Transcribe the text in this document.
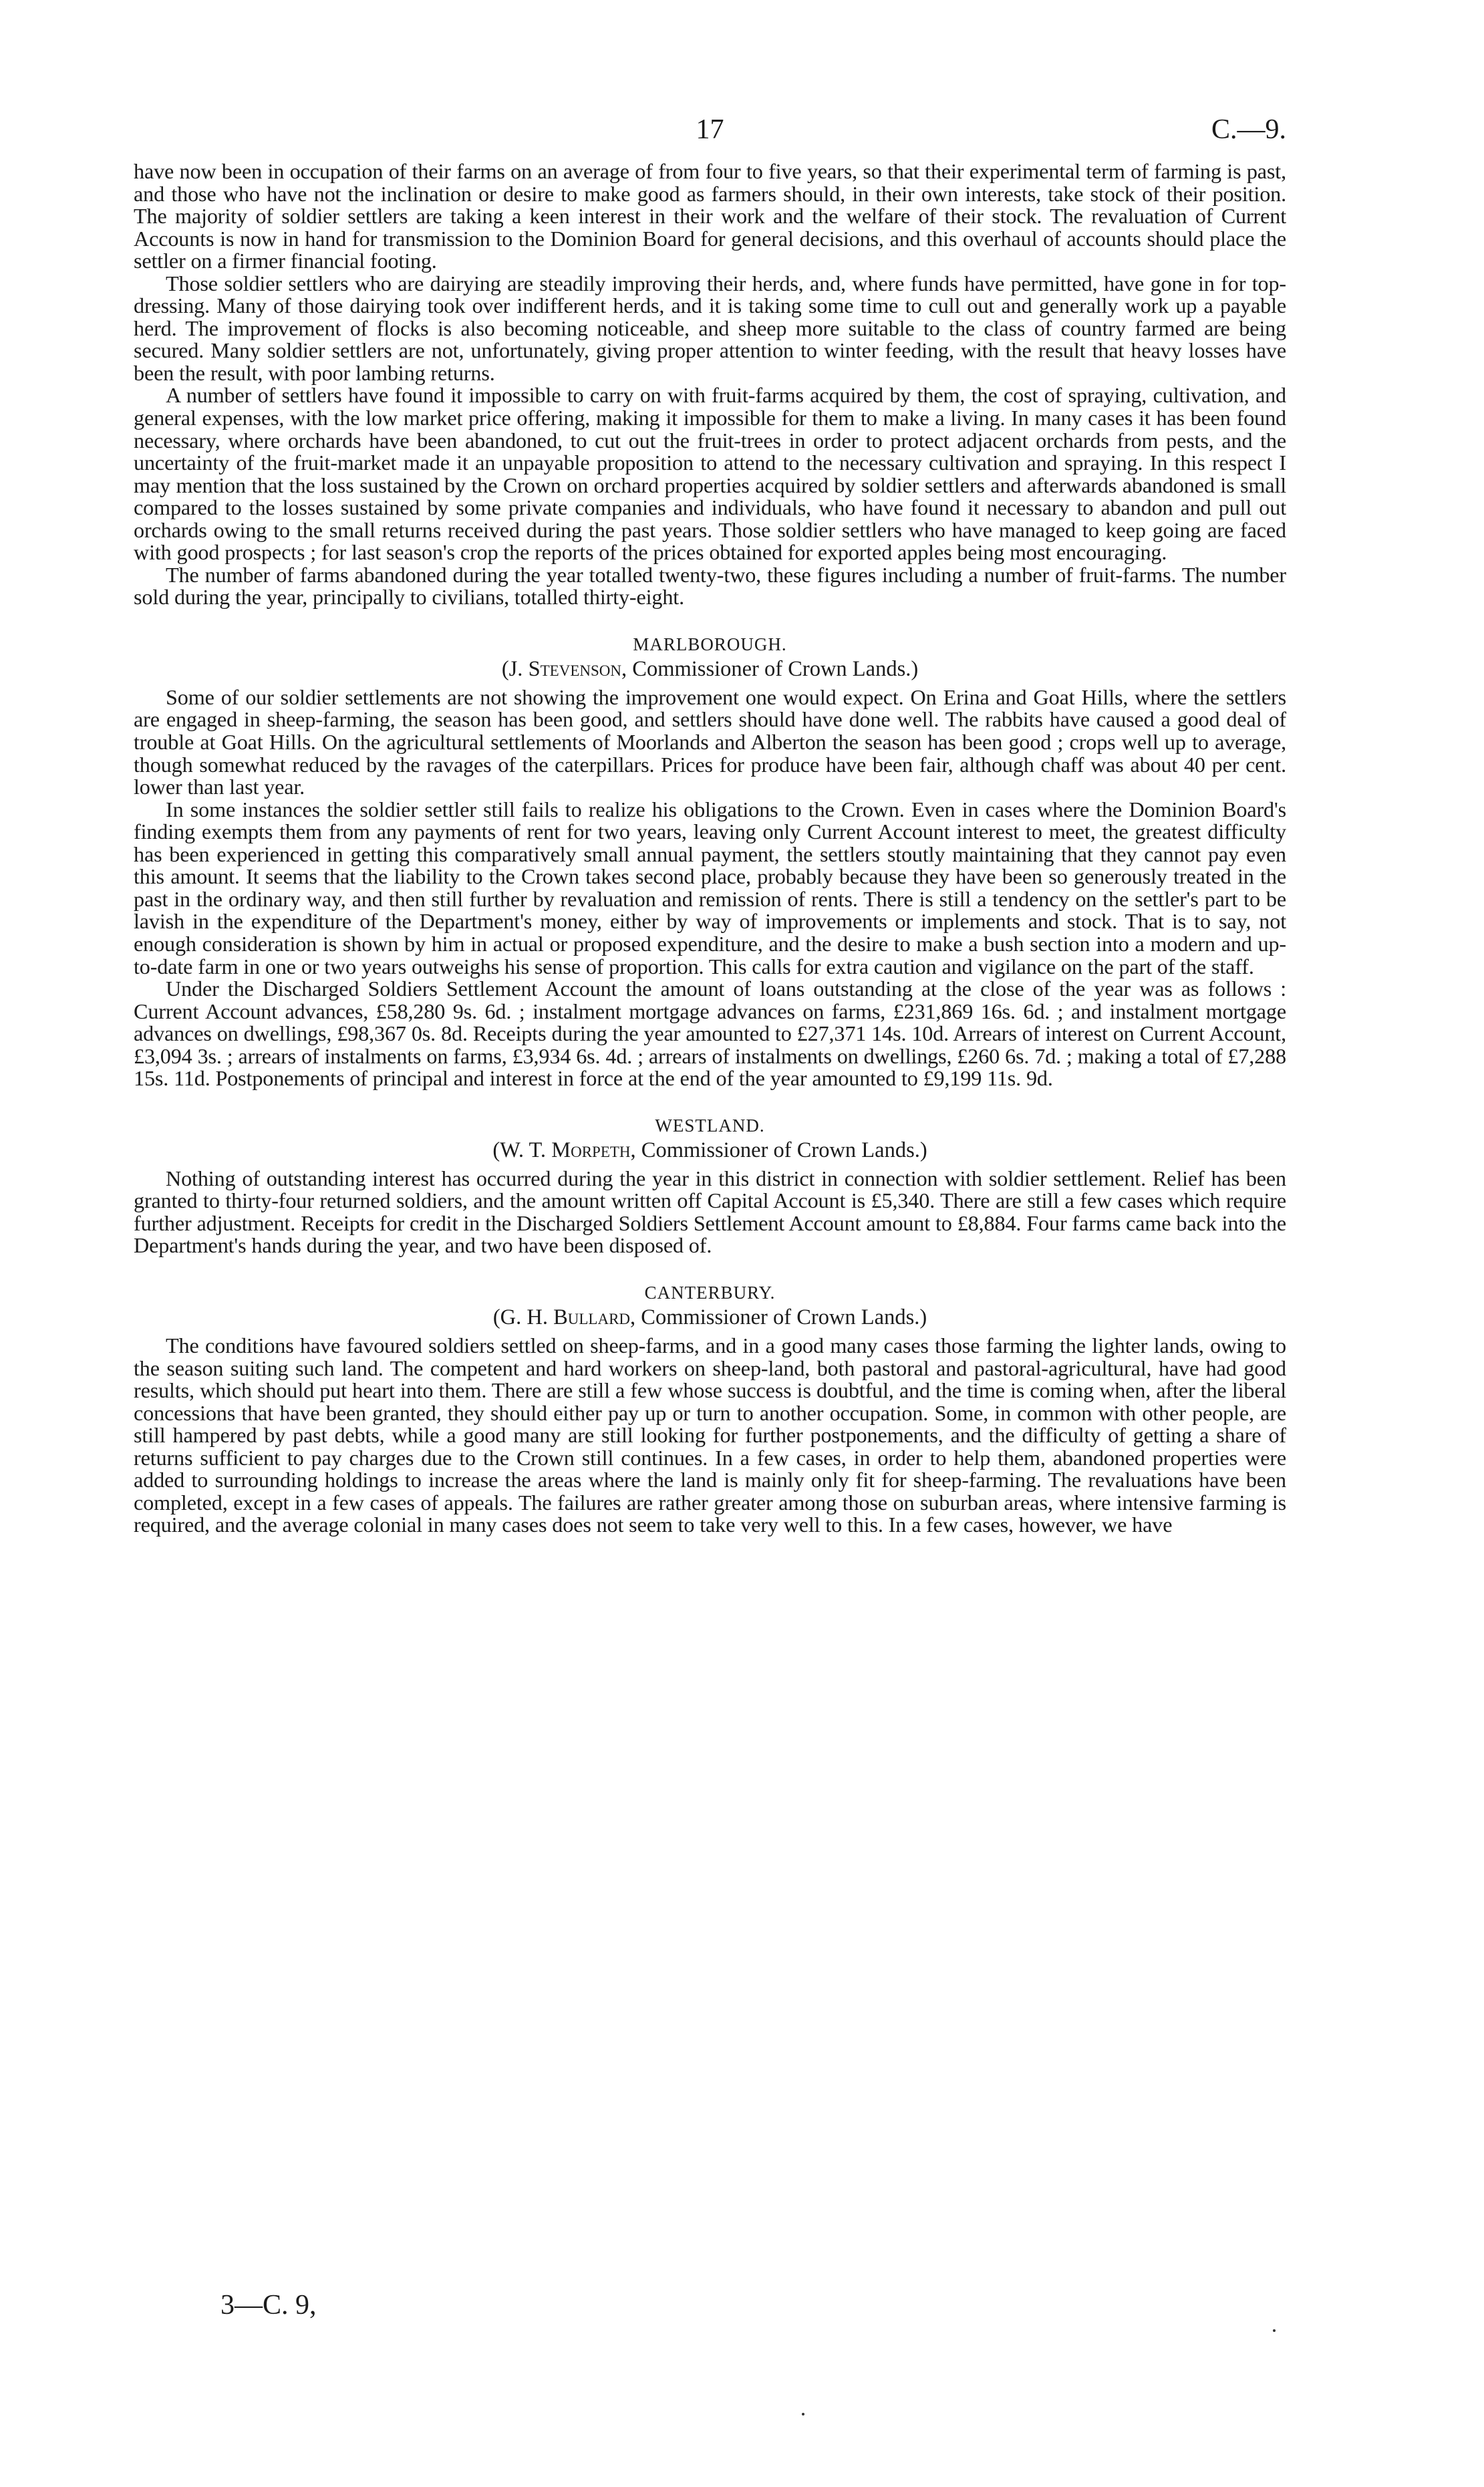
17	C.—9.

have now been in occupation of their farms on an average of from four to five years, so that their experimental term of farming is past, and those who have not the inclination or desire to make good as farmers should, in their own interests, take stock of their position. The majority of soldier settlers are taking a keen interest in their work and the welfare of their stock. The revaluation of Current Accounts is now in hand for transmission to the Dominion Board for general decisions, and this overhaul of accounts should place the settler on a firmer financial footing.

Those soldier settlers who are dairying are steadily improving their herds, and, where funds have permitted, have gone in for top-dressing. Many of those dairying took over indifferent herds, and it is taking some time to cull out and generally work up a payable herd. The improvement of flocks is also becoming noticeable, and sheep more suitable to the class of country farmed are being secured. Many soldier settlers are not, unfortunately, giving proper attention to winter feeding, with the result that heavy losses have been the result, with poor lambing returns.

A number of settlers have found it impossible to carry on with fruit-farms acquired by them, the cost of spraying, cultivation, and general expenses, with the low market price offering, making it impossible for them to make a living. In many cases it has been found necessary, where orchards have been abandoned, to cut out the fruit-trees in order to protect adjacent orchards from pests, and the uncertainty of the fruit-market made it an unpayable proposition to attend to the necessary cultivation and spraying. In this respect I may mention that the loss sustained by the Crown on orchard properties acquired by soldier settlers and afterwards abandoned is small compared to the losses sustained by some private companies and individuals, who have found it necessary to abandon and pull out orchards owing to the small returns received during the past years. Those soldier settlers who have managed to keep going are faced with good prospects ; for last season's crop the reports of the prices obtained for exported apples being most encouraging.

The number of farms abandoned during the year totalled twenty-two, these figures including a number of fruit-farms. The number sold during the year, principally to civilians, totalled thirty-eight.

MARLBOROUGH.
(J. Stevenson, Commissioner of Crown Lands.)

Some of our soldier settlements are not showing the improvement one would expect. On Erina and Goat Hills, where the settlers are engaged in sheep-farming, the season has been good, and settlers should have done well. The rabbits have caused a good deal of trouble at Goat Hills. On the agricultural settlements of Moorlands and Alberton the season has been good ; crops well up to average, though somewhat reduced by the ravages of the caterpillars. Prices for produce have been fair, although chaff was about 40 per cent. lower than last year.

In some instances the soldier settler still fails to realize his obligations to the Crown. Even in cases where the Dominion Board's finding exempts them from any payments of rent for two years, leaving only Current Account interest to meet, the greatest difficulty has been experienced in getting this comparatively small annual payment, the settlers stoutly maintaining that they cannot pay even this amount. It seems that the liability to the Crown takes second place, probably because they have been so generously treated in the past in the ordinary way, and then still further by revaluation and remission of rents. There is still a tendency on the settler's part to be lavish in the expenditure of the Department's money, either by way of improvements or implements and stock. That is to say, not enough consideration is shown by him in actual or proposed expenditure, and the desire to make a bush section into a modern and up-to-date farm in one or two years outweighs his sense of proportion. This calls for extra caution and vigilance on the part of the staff.

Under the Discharged Soldiers Settlement Account the amount of loans outstanding at the close of the year was as follows : Current Account advances, £58,280 9s. 6d. ; instalment mortgage advances on farms, £231,869 16s. 6d. ; and instalment mortgage advances on dwellings, £98,367 0s. 8d. Receipts during the year amounted to £27,371 14s. 10d. Arrears of interest on Current Account, £3,094 3s. ; arrears of instalments on farms, £3,934 6s. 4d. ; arrears of instalments on dwellings, £260 6s. 7d. ; making a total of £7,288 15s. 11d. Postponements of principal and interest in force at the end of the year amounted to £9,199 11s. 9d.

WESTLAND.
(W. T. Morpeth, Commissioner of Crown Lands.)

Nothing of outstanding interest has occurred during the year in this district in connection with soldier settlement. Relief has been granted to thirty-four returned soldiers, and the amount written off Capital Account is £5,340. There are still a few cases which require further adjustment. Receipts for credit in the Discharged Soldiers Settlement Account amount to £8,884. Four farms came back into the Department's hands during the year, and two have been disposed of.

CANTERBURY.
(G. H. Bullard, Commissioner of Crown Lands.)

The conditions have favoured soldiers settled on sheep-farms, and in a good many cases those farming the lighter lands, owing to the season suiting such land. The competent and hard workers on sheep-land, both pastoral and pastoral-agricultural, have had good results, which should put heart into them. There are still a few whose success is doubtful, and the time is coming when, after the liberal concessions that have been granted, they should either pay up or turn to another occupation. Some, in common with other people, are still hampered by past debts, while a good many are still looking for further postponements, and the difficulty of getting a share of returns sufficient to pay charges due to the Crown still continues. In a few cases, in order to help them, abandoned properties were added to surrounding holdings to increase the areas where the land is mainly only fit for sheep-farming. The revaluations have been completed, except in a few cases of appeals. The failures are rather greater among those on suburban areas, where intensive farming is required, and the average colonial in many cases does not seem to take very well to this. In a few cases, however, we have

3—C. 9,
